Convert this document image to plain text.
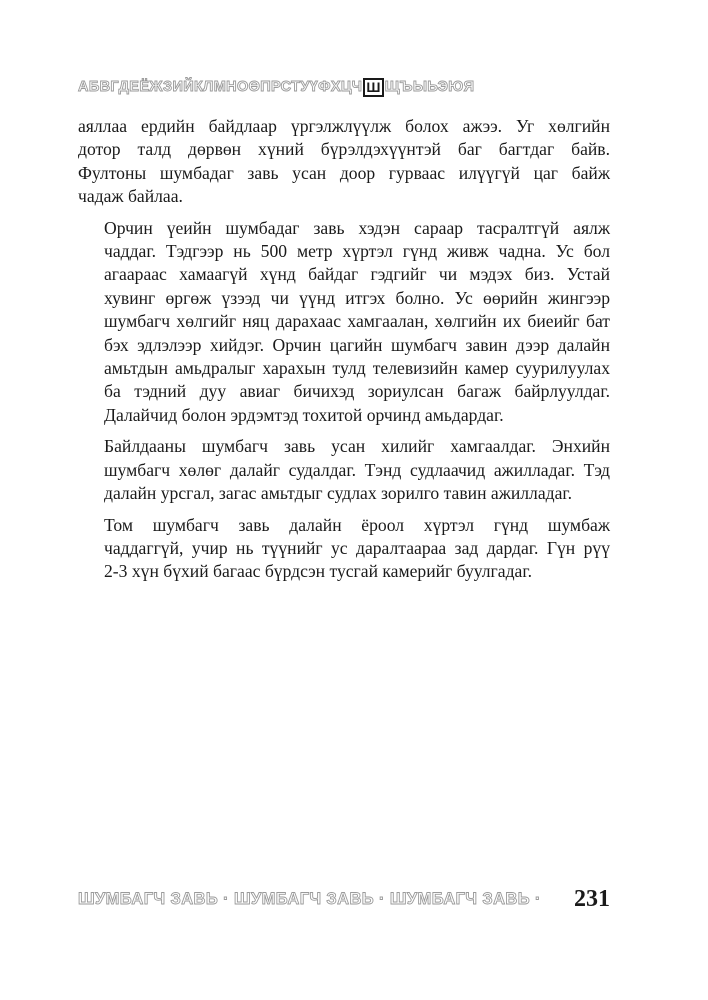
АБВГДЕЁЖЗИЙКЛМНОӨПРСТУҮФХЦЧ Ш ЩЪЫЬЭЮЯ

аяллаа ердийн байдлаар үргэлжлүүлж болох ажээ. Уг хөлгийн
дотор талд дөрвөн хүний бүрэлдэхүүнтэй баг багтдаг байв.
Фултоны шумбадаг завь усан доор гурваас илүүгүй цаг байж
чадаж байлаа.

Орчин үеийн шумбадаг завь хэдэн сараар тасралтгүй аялж
чаддаг. Тэдгээр нь 500 метр хүртэл гүнд живж чадна. Ус бол
агаараас хамаагүй хүнд байдаг гэдгийг чи мэдэх биз. Устай
хувинг өргөж үзээд чи үүнд итгэх болно. Ус өөрийн жингээр
шумбагч хөлгийг няц дарахаас хамгаалан, хөлгийн их биеийг бат
бэх эдлэлээр хийдэг. Орчин цагийн шумбагч завин дээр далайн
амьтдын амьдралыг харахын тулд телевизийн камер суурилуулах
ба тэдний дуу авиаг бичихэд зориулсан багаж байрлуулдаг.
Далайчид болон эрдэмтэд тохитой орчинд амьдардаг.

Байлдааны шумбагч завь усан хилийг хамгаалдаг. Энхийн
шумбагч хөлөг далайг судалдаг. Тэнд судлаачид ажилладаг. Тэд
далайн урсгал, загас амьтдыг судлах зорилго тавин ажилладаг.

Том шумбагч завь далайн ёроол хүртэл гүнд шумбаж
чаддаггүй, учир нь түүнийг ус даралтаараа зад дардаг. Гүн рүү
2-3 хүн бүхий багаас бүрдсэн тусгай камерийг буулгадаг.

ШУМБАГЧ ЗАВЬ · ШУМБАГЧ ЗАВЬ · ШУМБАГЧ ЗАВЬ · 231
